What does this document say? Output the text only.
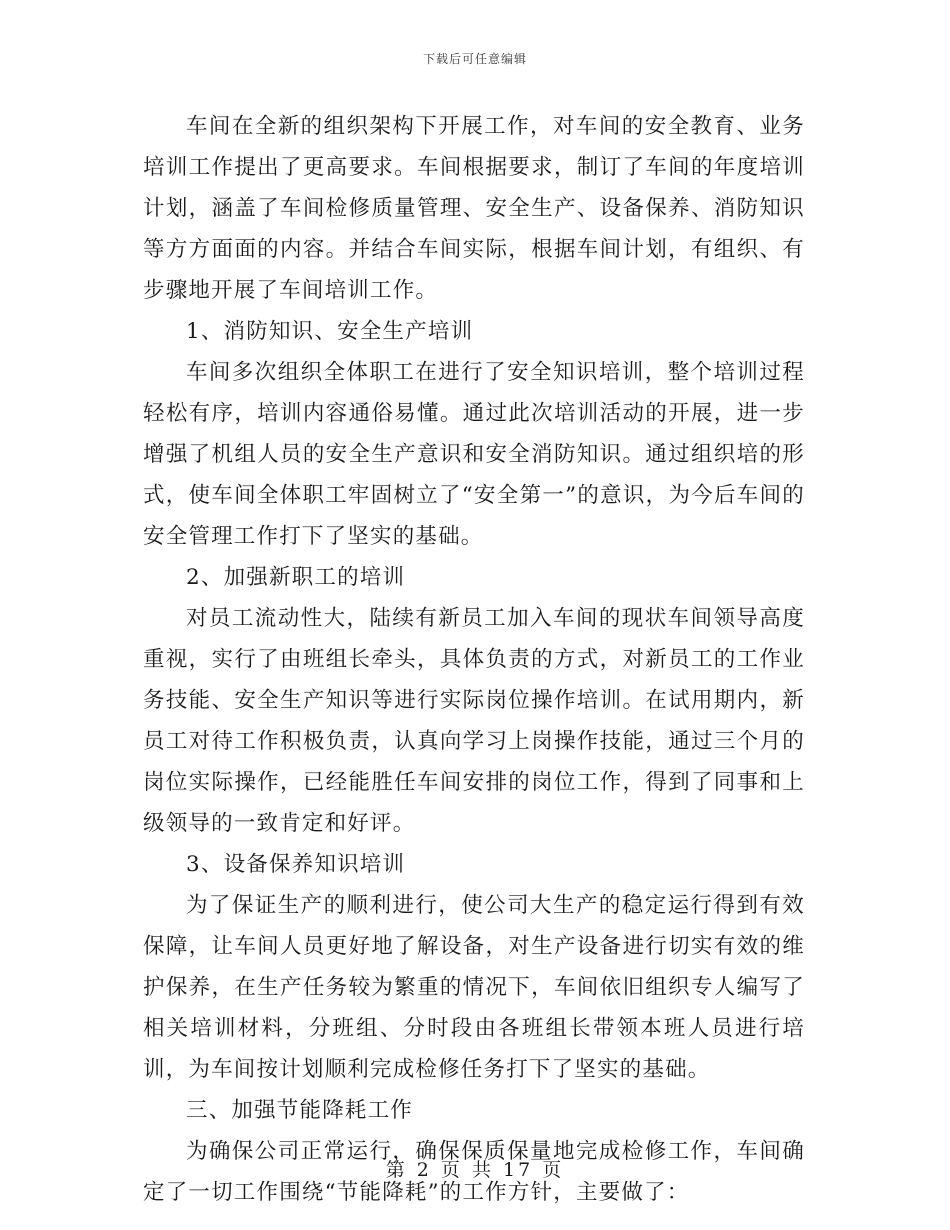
下载后可任意编辑

车间在全新的组织架构下开展工作，对车间的安全教育、业务培训工作提出了更高要求。车间根据要求，制订了车间的年度培训计划，涵盖了车间检修质量管理、安全生产、设备保养、消防知识等方方面面的内容。并结合车间实际，根据车间计划，有组织、有步骤地开展了车间培训工作。

1、消防知识、安全生产培训

车间多次组织全体职工在进行了安全知识培训，整个培训过程轻松有序，培训内容通俗易懂。通过此次培训活动的开展，进一步增强了机组人员的安全生产意识和安全消防知识。通过组织培的形式，使车间全体职工牢固树立了“安全第一”的意识，为今后车间的安全管理工作打下了坚实的基础。

2、加强新职工的培训

对员工流动性大，陆续有新员工加入车间的现状车间领导高度重视，实行了由班组长牵头，具体负责的方式，对新员工的工作业务技能、安全生产知识等进行实际岗位操作培训。在试用期内，新员工对待工作积极负责，认真向学习上岗操作技能，通过三个月的岗位实际操作，已经能胜任车间安排的岗位工作，得到了同事和上级领导的一致肯定和好评。

3、设备保养知识培训

为了保证生产的顺利进行，使公司大生产的稳定运行得到有效保障，让车间人员更好地了解设备，对生产设备进行切实有效的维护保养，在生产任务较为繁重的情况下，车间依旧组织专人编写了相关培训材料，分班组、分时段由各班组长带领本班人员进行培训，为车间按计划顺利完成检修任务打下了坚实的基础。

三、加强节能降耗工作

为确保公司正常运行，确保保质保量地完成检修工作，车间确定了一切工作围绕“节能降耗”的工作方针，主要做了：

第 2 页 共 17 页
